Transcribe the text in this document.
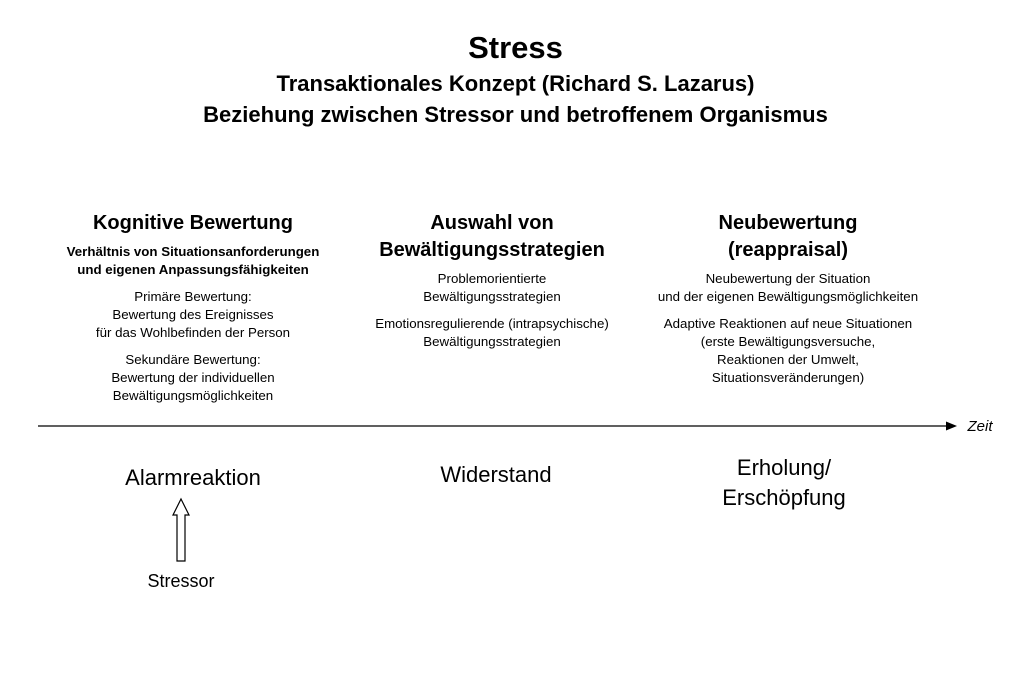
Stress
Transaktionales Konzept (Richard S. Lazarus)
Beziehung zwischen Stressor und betroffenem Organismus
Kognitive Bewertung
Verhältnis von Situationsanforderungen
und eigenen Anpassungsfähigkeiten
Primäre Bewertung:
Bewertung des Ereignisses
für das Wohlbefinden der Person
Sekundäre Bewertung:
Bewertung der individuellen
Bewältigungsmöglichkeiten
Auswahl von
Bewältigungsstrategien
Problemorientierte
Bewältigungsstrategien
Emotionsregulierende (intrapsychische)
Bewältigungsstrategien
Neubewertung
(reappraisal)
Neubewertung der Situation
und der eigenen Bewältigungsmöglichkeiten
Adaptive Reaktionen auf neue Situationen
(erste Bewältigungsversuche,
Reaktionen der Umwelt,
Situationsveränderungen)
Zeit
Alarmreaktion	Widerstand	Erholung/
Erschöpfung
Stressor
